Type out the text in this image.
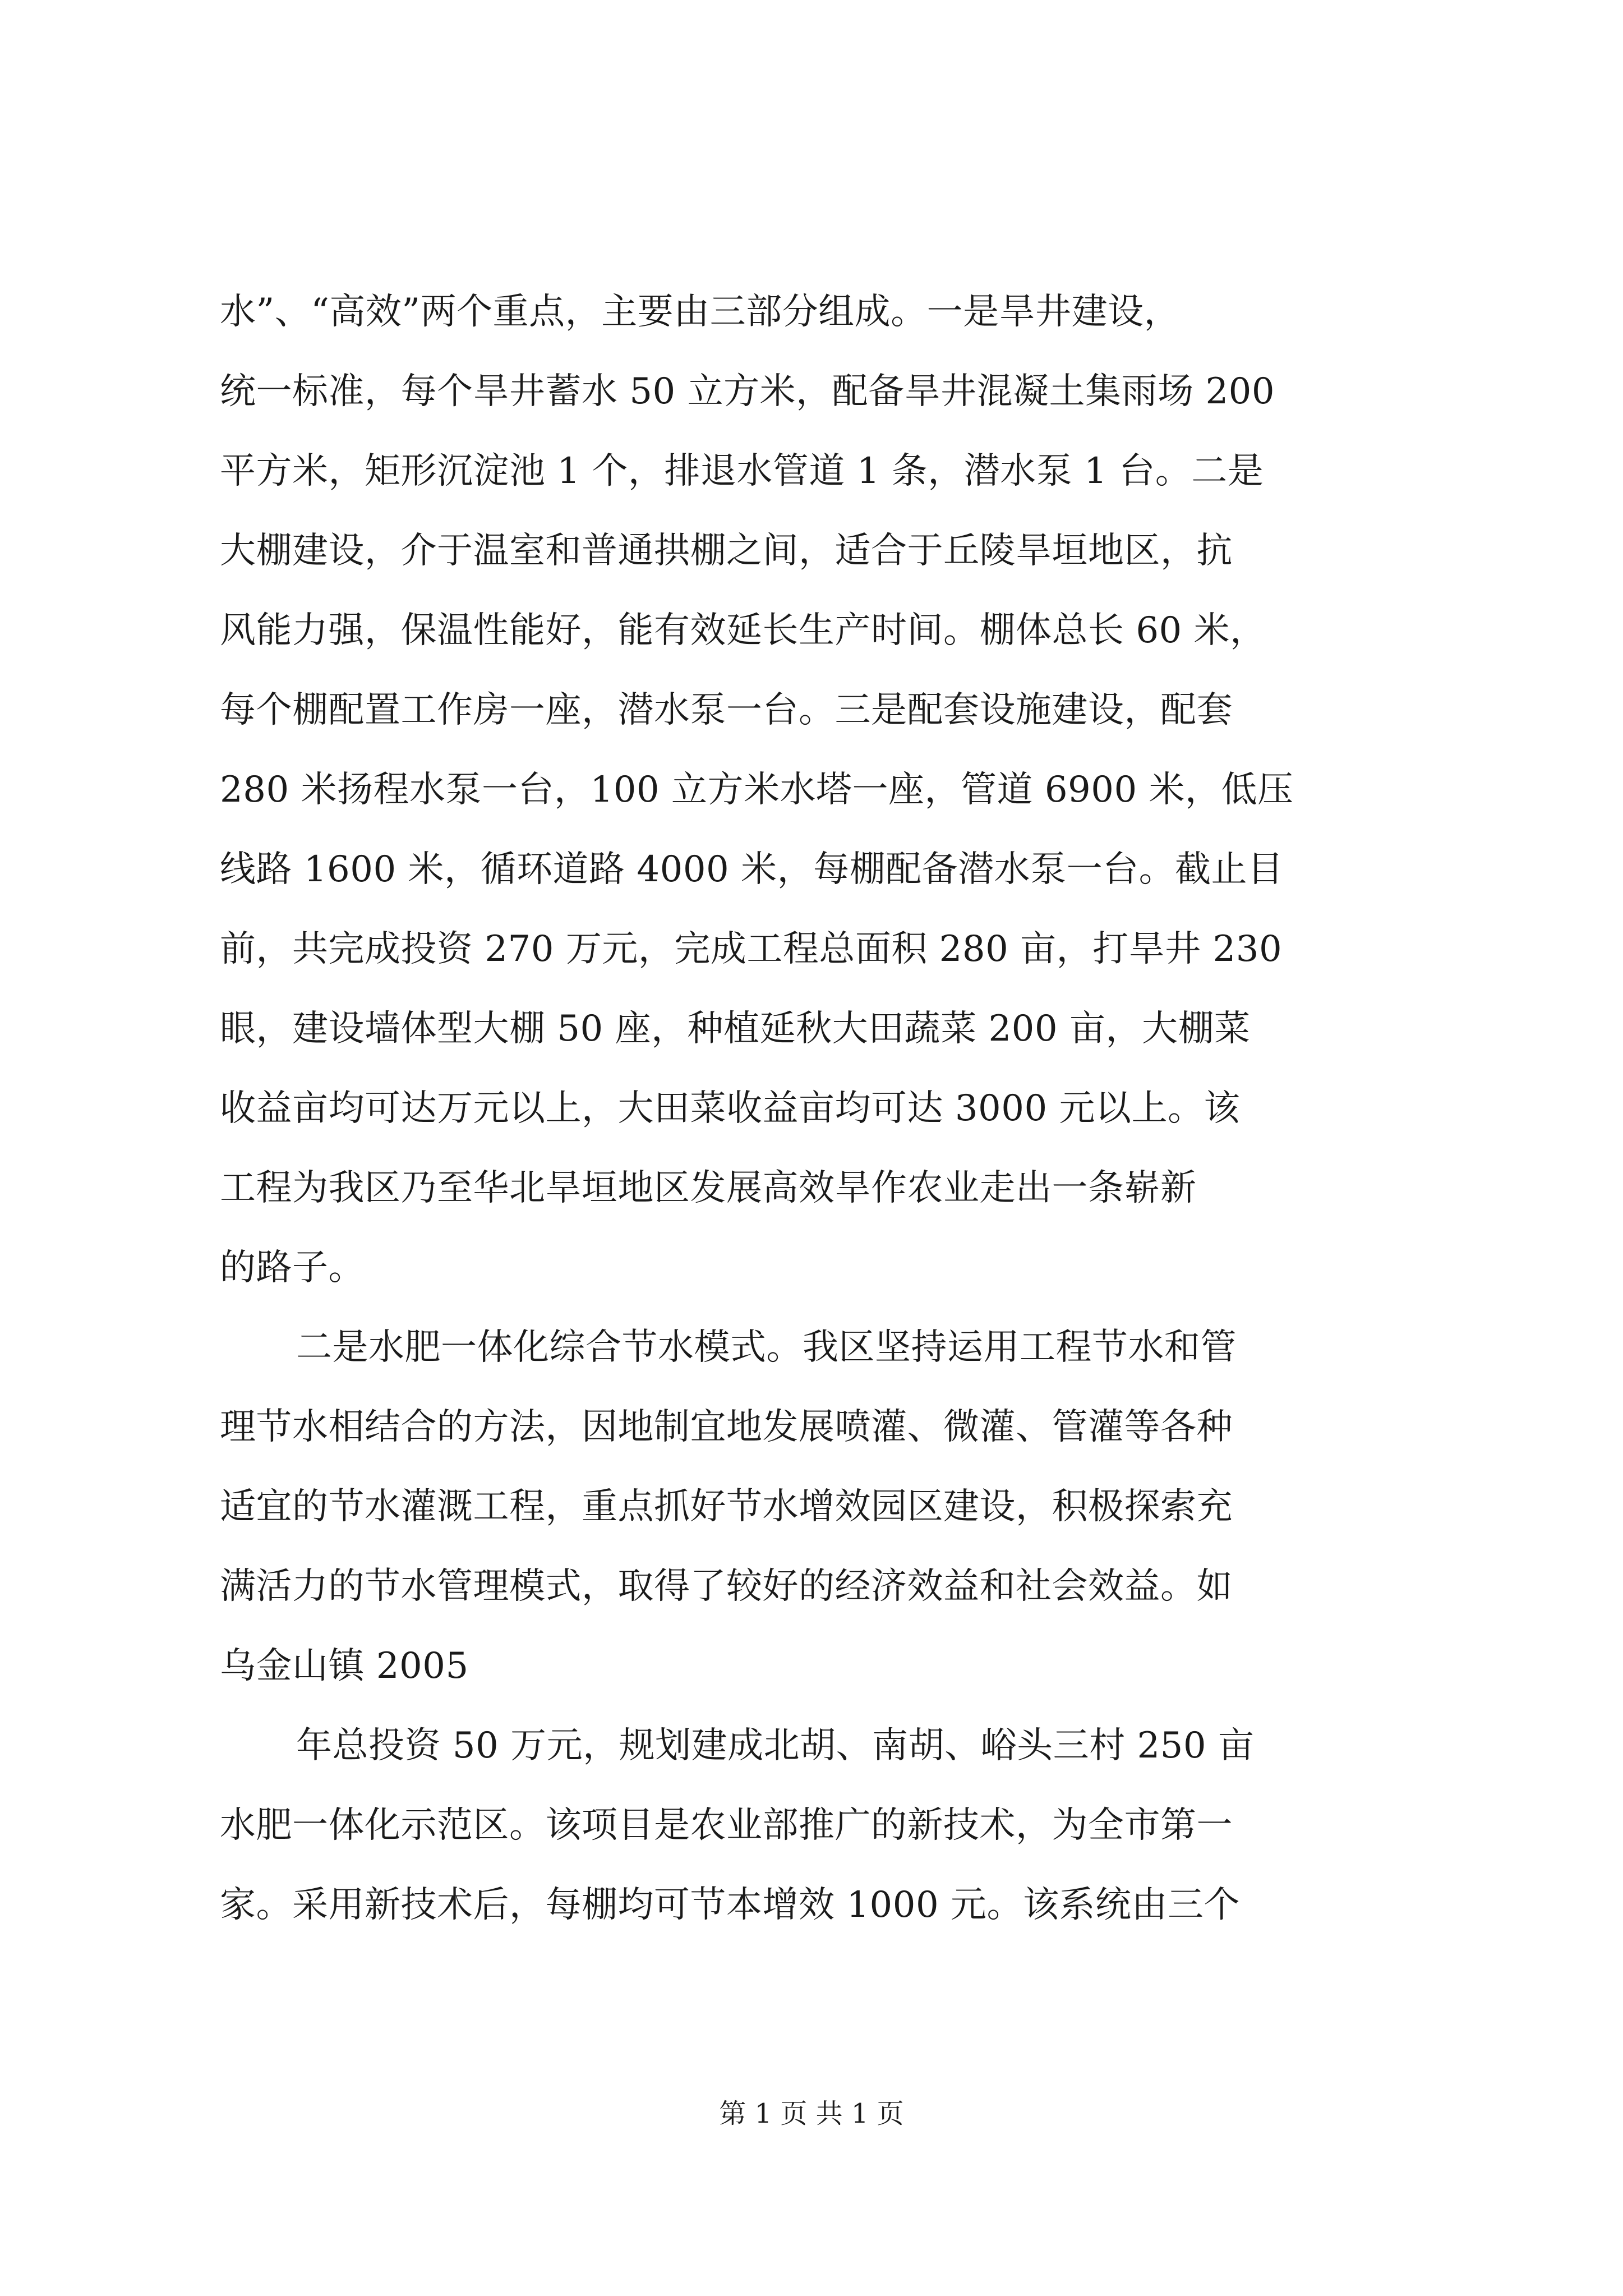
水”、“高效”两个重点，主要由三部分组成。一是旱井建设，
统一标准，每个旱井蓄水 50 立方米，配备旱井混凝土集雨场 200
平方米，矩形沉淀池 1 个，排退水管道 1 条，潜水泵 1 台。二是
大棚建设，介于温室和普通拱棚之间，适合于丘陵旱垣地区，抗
风能力强，保温性能好，能有效延长生产时间。棚体总长 60 米，
每个棚配置工作房一座，潜水泵一台。三是配套设施建设，配套
280 米扬程水泵一台，100 立方米水塔一座，管道 6900 米，低压
线路 1600 米，循环道路 4000 米，每棚配备潜水泵一台。截止目
前，共完成投资 270 万元，完成工程总面积 280 亩，打旱井 230
眼，建设墙体型大棚 50 座，种植延秋大田蔬菜 200 亩，大棚菜
收益亩均可达万元以上，大田菜收益亩均可达 3000 元以上。该
工程为我区乃至华北旱垣地区发展高效旱作农业走出一条崭新
的路子。
二是水肥一体化综合节水模式。我区坚持运用工程节水和管
理节水相结合的方法，因地制宜地发展喷灌、微灌、管灌等各种
适宜的节水灌溉工程，重点抓好节水增效园区建设，积极探索充
满活力的节水管理模式，取得了较好的经济效益和社会效益。如
乌金山镇 2005
年总投资 50 万元，规划建成北胡、南胡、峪头三村 250 亩
水肥一体化示范区。该项目是农业部推广的新技术，为全市第一
家。采用新技术后，每棚均可节本增效 1000 元。该系统由三个
第 1 页 共 1 页
